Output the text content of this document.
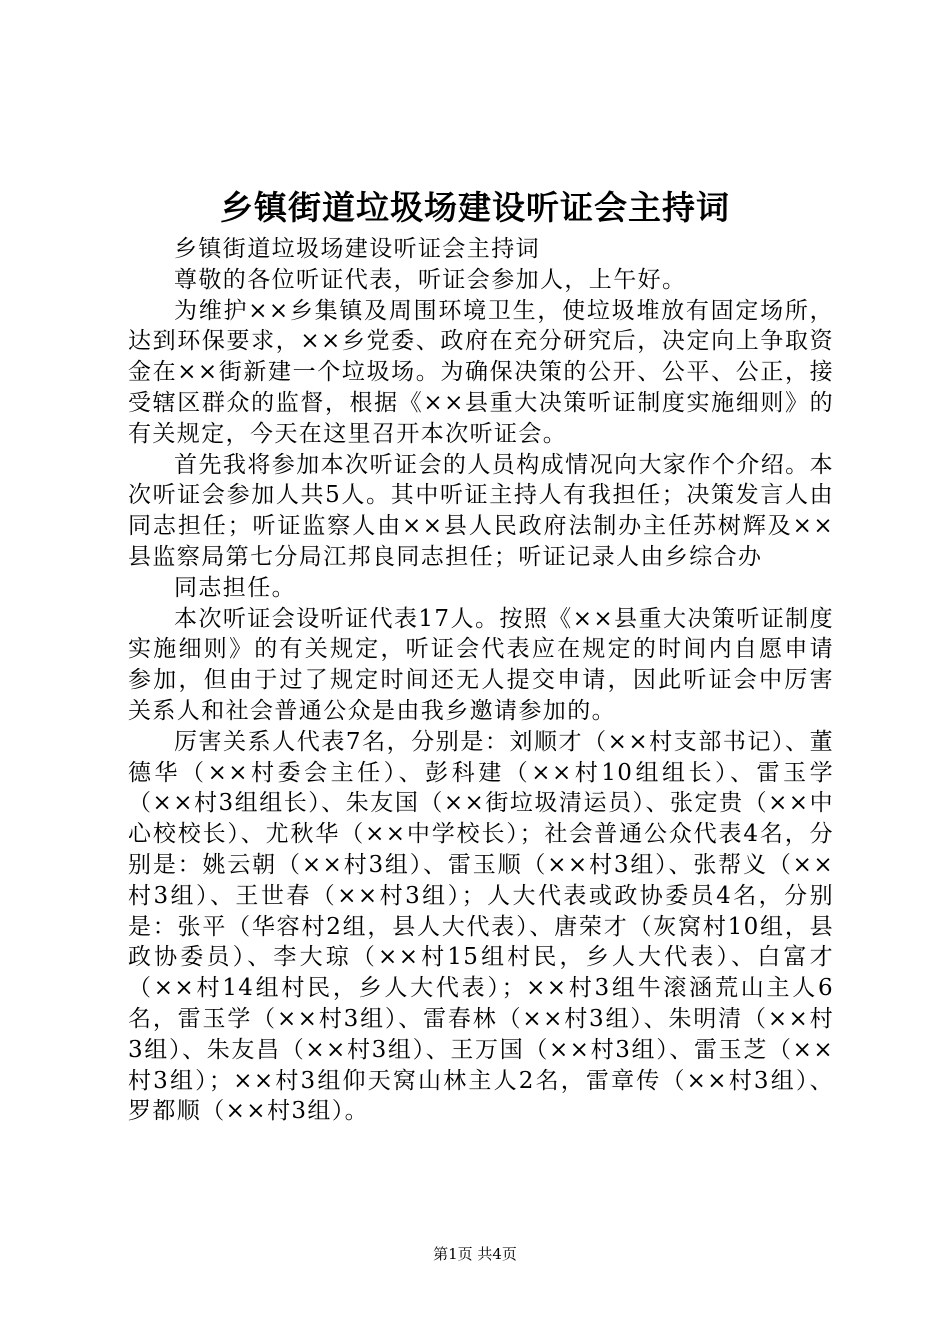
乡镇街道垃圾场建设听证会主持词

乡镇街道垃圾场建设听证会主持词

尊敬的各位听证代表，听证会参加人，上午好。

为维护××乡集镇及周围环境卫生，使垃圾堆放有固定场所，达到环保要求，××乡党委、政府在充分研究后，决定向上争取资金在××街新建一个垃圾场。为确保决策的公开、公平、公正，接受辖区群众的监督，根据《××县重大决策听证制度实施细则》的有关规定，今天在这里召开本次听证会。

首先我将参加本次听证会的人员构成情况向大家作个介绍。本次听证会参加人共5人。其中听证主持人有我担任；决策发言人由同志担任；听证监察人由××县人民政府法制办主任苏树辉及××县监察局第七分局江邦良同志担任；听证记录人由乡综合办

同志担任。

本次听证会设听证代表17人。按照《××县重大决策听证制度实施细则》的有关规定，听证会代表应在规定的时间内自愿申请参加，但由于过了规定时间还无人提交申请，因此听证会中厉害关系人和社会普通公众是由我乡邀请参加的。

厉害关系人代表7名，分别是：刘顺才（××村支部书记）、董德华（××村委会主任）、彭科建（××村10组组长）、雷玉学（××村3组组长）、朱友国（××街垃圾清运员）、张定贵（××中心校校长）、尤秋华（××中学校长）；社会普通公众代表4名，分别是：姚云朝（××村3组）、雷玉顺（××村3组）、张帮义（××村3组）、王世春（××村3组）；人大代表或政协委员4名，分别是：张平（华容村2组，县人大代表）、唐荣才（灰窝村10组，县政协委员）、李大琼（××村15组村民，乡人大代表）、白富才（××村14组村民，乡人大代表）；××村3组牛滚涵荒山主人6名，雷玉学（××村3组）、雷春林（××村3组）、朱明清（××村3组）、朱友昌（××村3组）、王万国（××村3组）、雷玉芝（××村3组）；××村3组仰天窝山林主人2名，雷章传（××村3组）、罗都顺（××村3组）。

第1页 共4页
